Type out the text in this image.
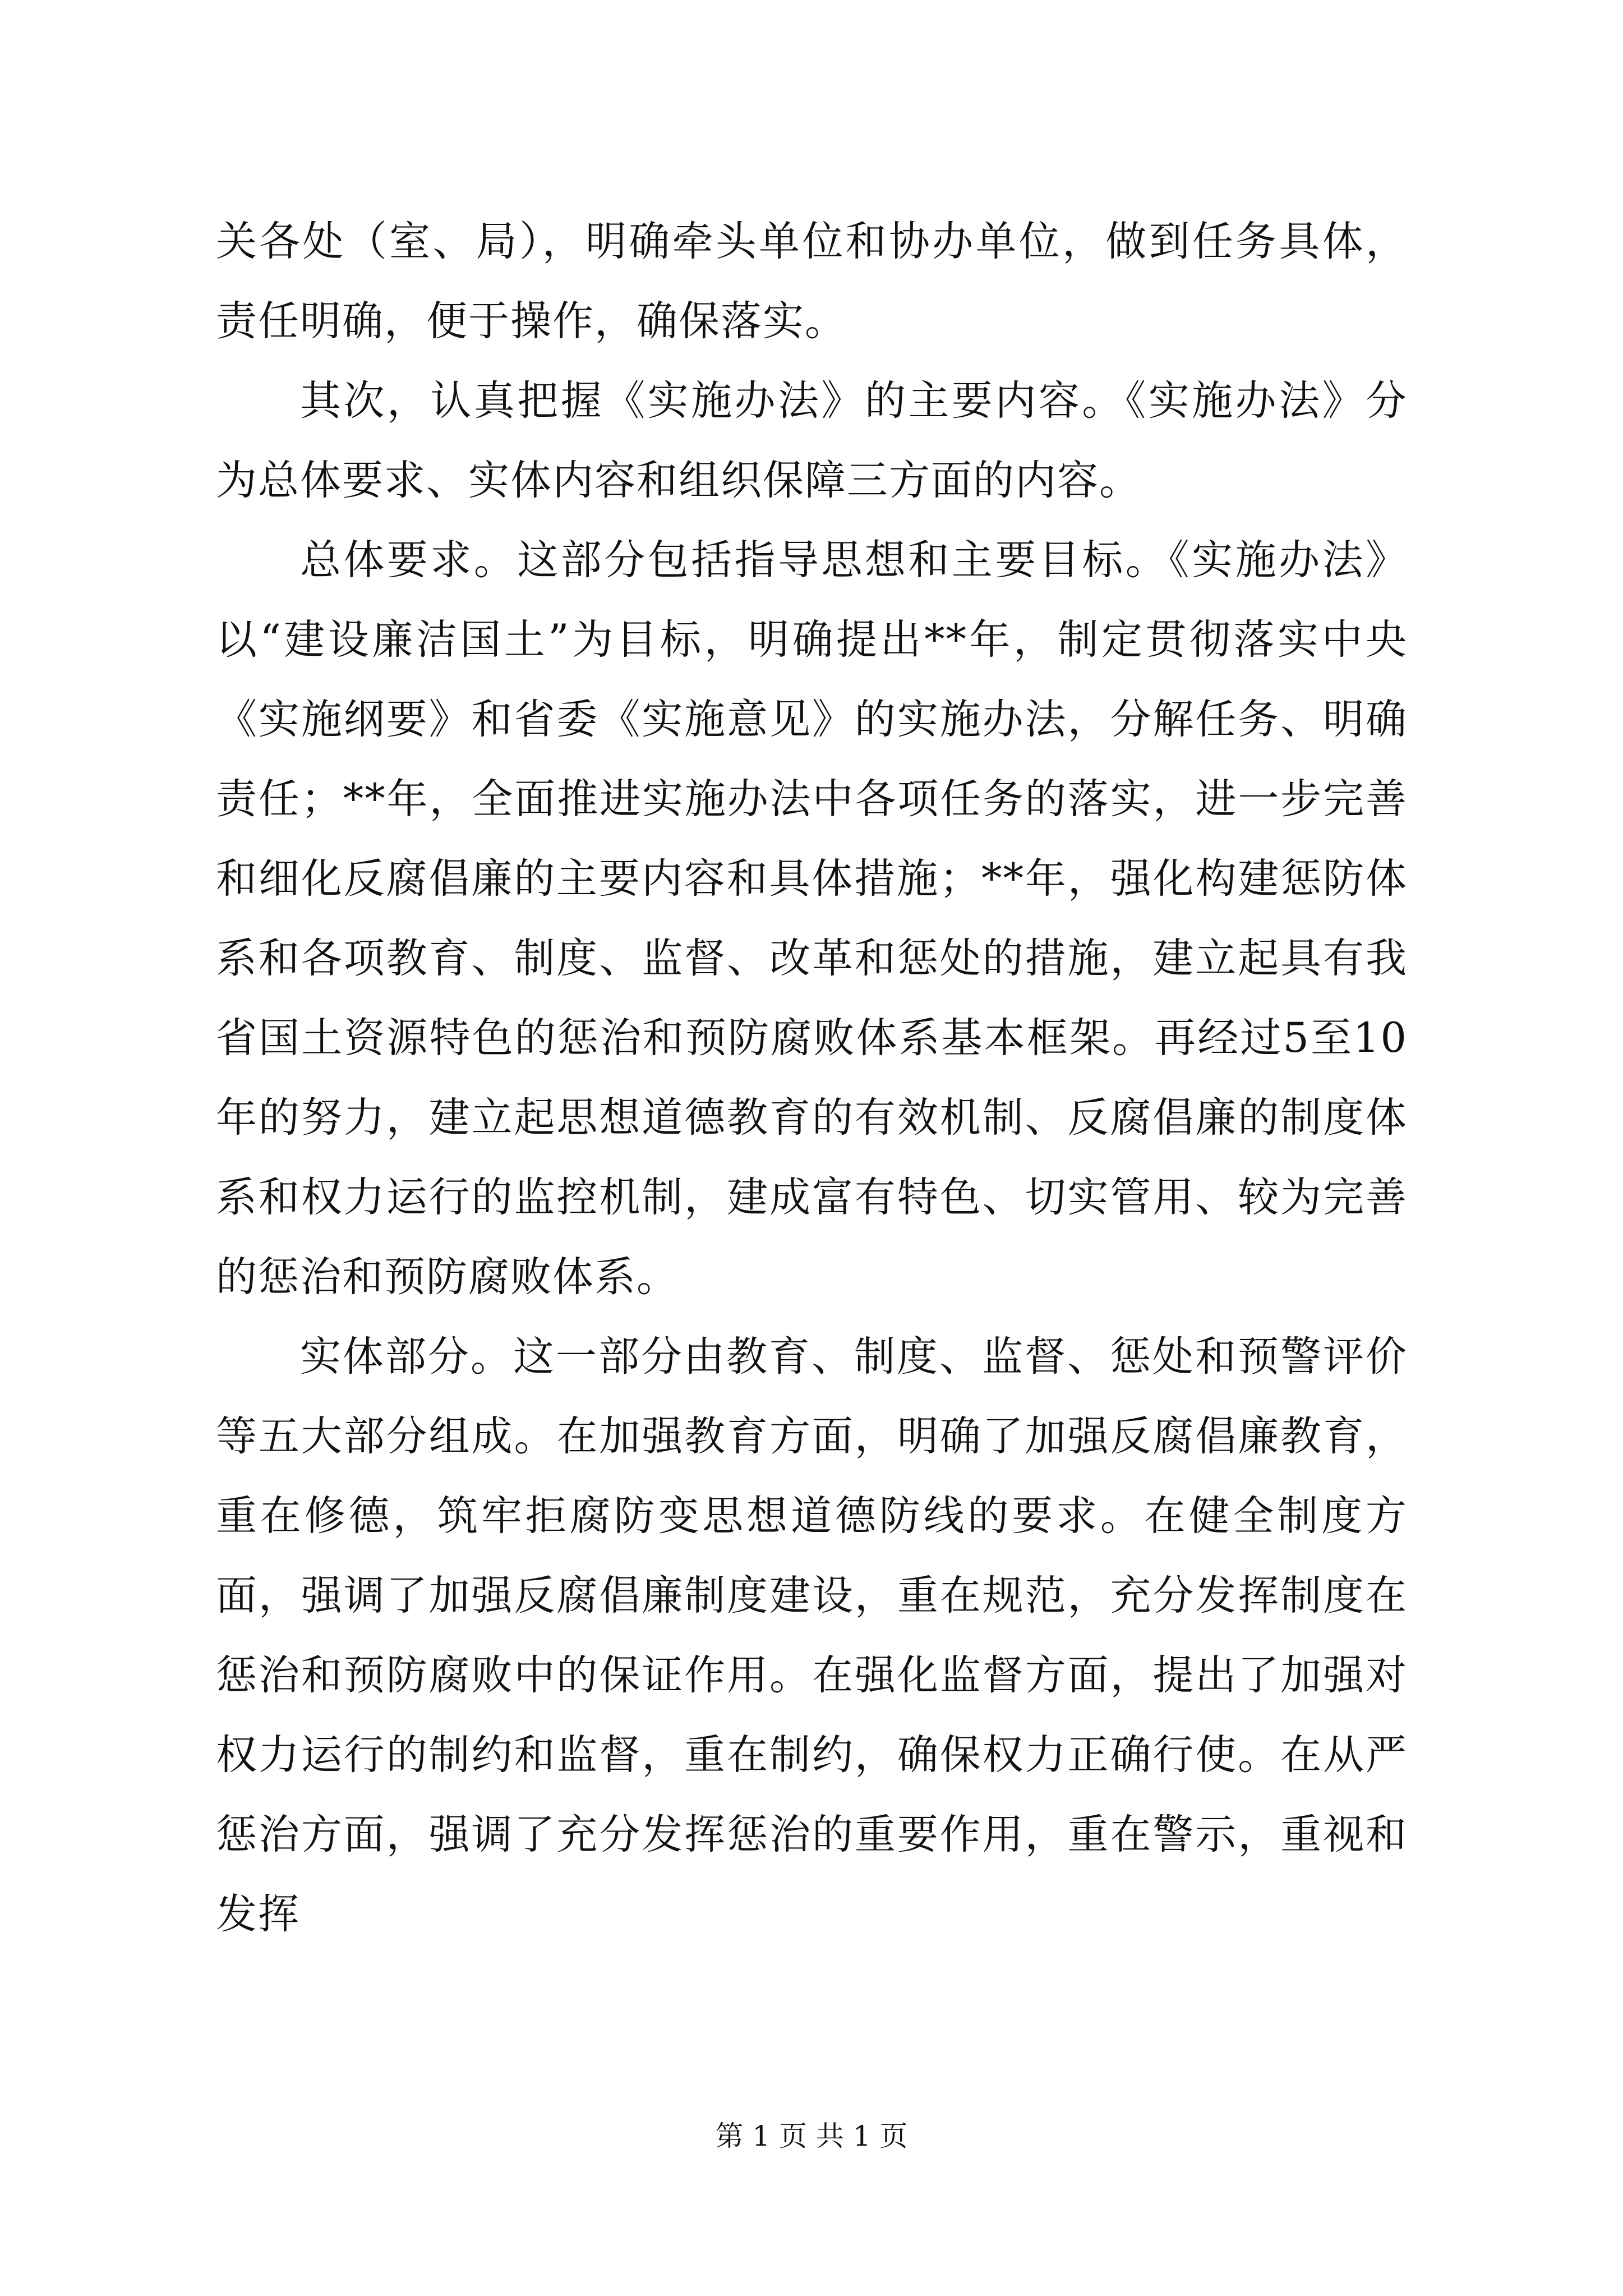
关各处（室、局），明确牵头单位和协办单位，做到任务具体，责任明确，便于操作，确保落实。

其次，认真把握《实施办法》的主要内容。《实施办法》分为总体要求、实体内容和组织保障三方面的内容。

总体要求。这部分包括指导思想和主要目标。《实施办法》以“建设廉洁国土”为目标，明确提出**年，制定贯彻落实中央《实施纲要》和省委《实施意见》的实施办法，分解任务、明确责任；**年，全面推进实施办法中各项任务的落实，进一步完善和细化反腐倡廉的主要内容和具体措施；**年，强化构建惩防体系和各项教育、制度、监督、改革和惩处的措施，建立起具有我省国土资源特色的惩治和预防腐败体系基本框架。再经过5至10年的努力，建立起思想道德教育的有效机制、反腐倡廉的制度体系和权力运行的监控机制，建成富有特色、切实管用、较为完善的惩治和预防腐败体系。

实体部分。这一部分由教育、制度、监督、惩处和预警评价等五大部分组成。在加强教育方面，明确了加强反腐倡廉教育，重在修德，筑牢拒腐防变思想道德防线的要求。在健全制度方面，强调了加强反腐倡廉制度建设，重在规范，充分发挥制度在惩治和预防腐败中的保证作用。在强化监督方面，提出了加强对权力运行的制约和监督，重在制约，确保权力正确行使。在从严惩治方面，强调了充分发挥惩治的重要作用，重在警示，重视和发挥

第 1 页 共 1 页
